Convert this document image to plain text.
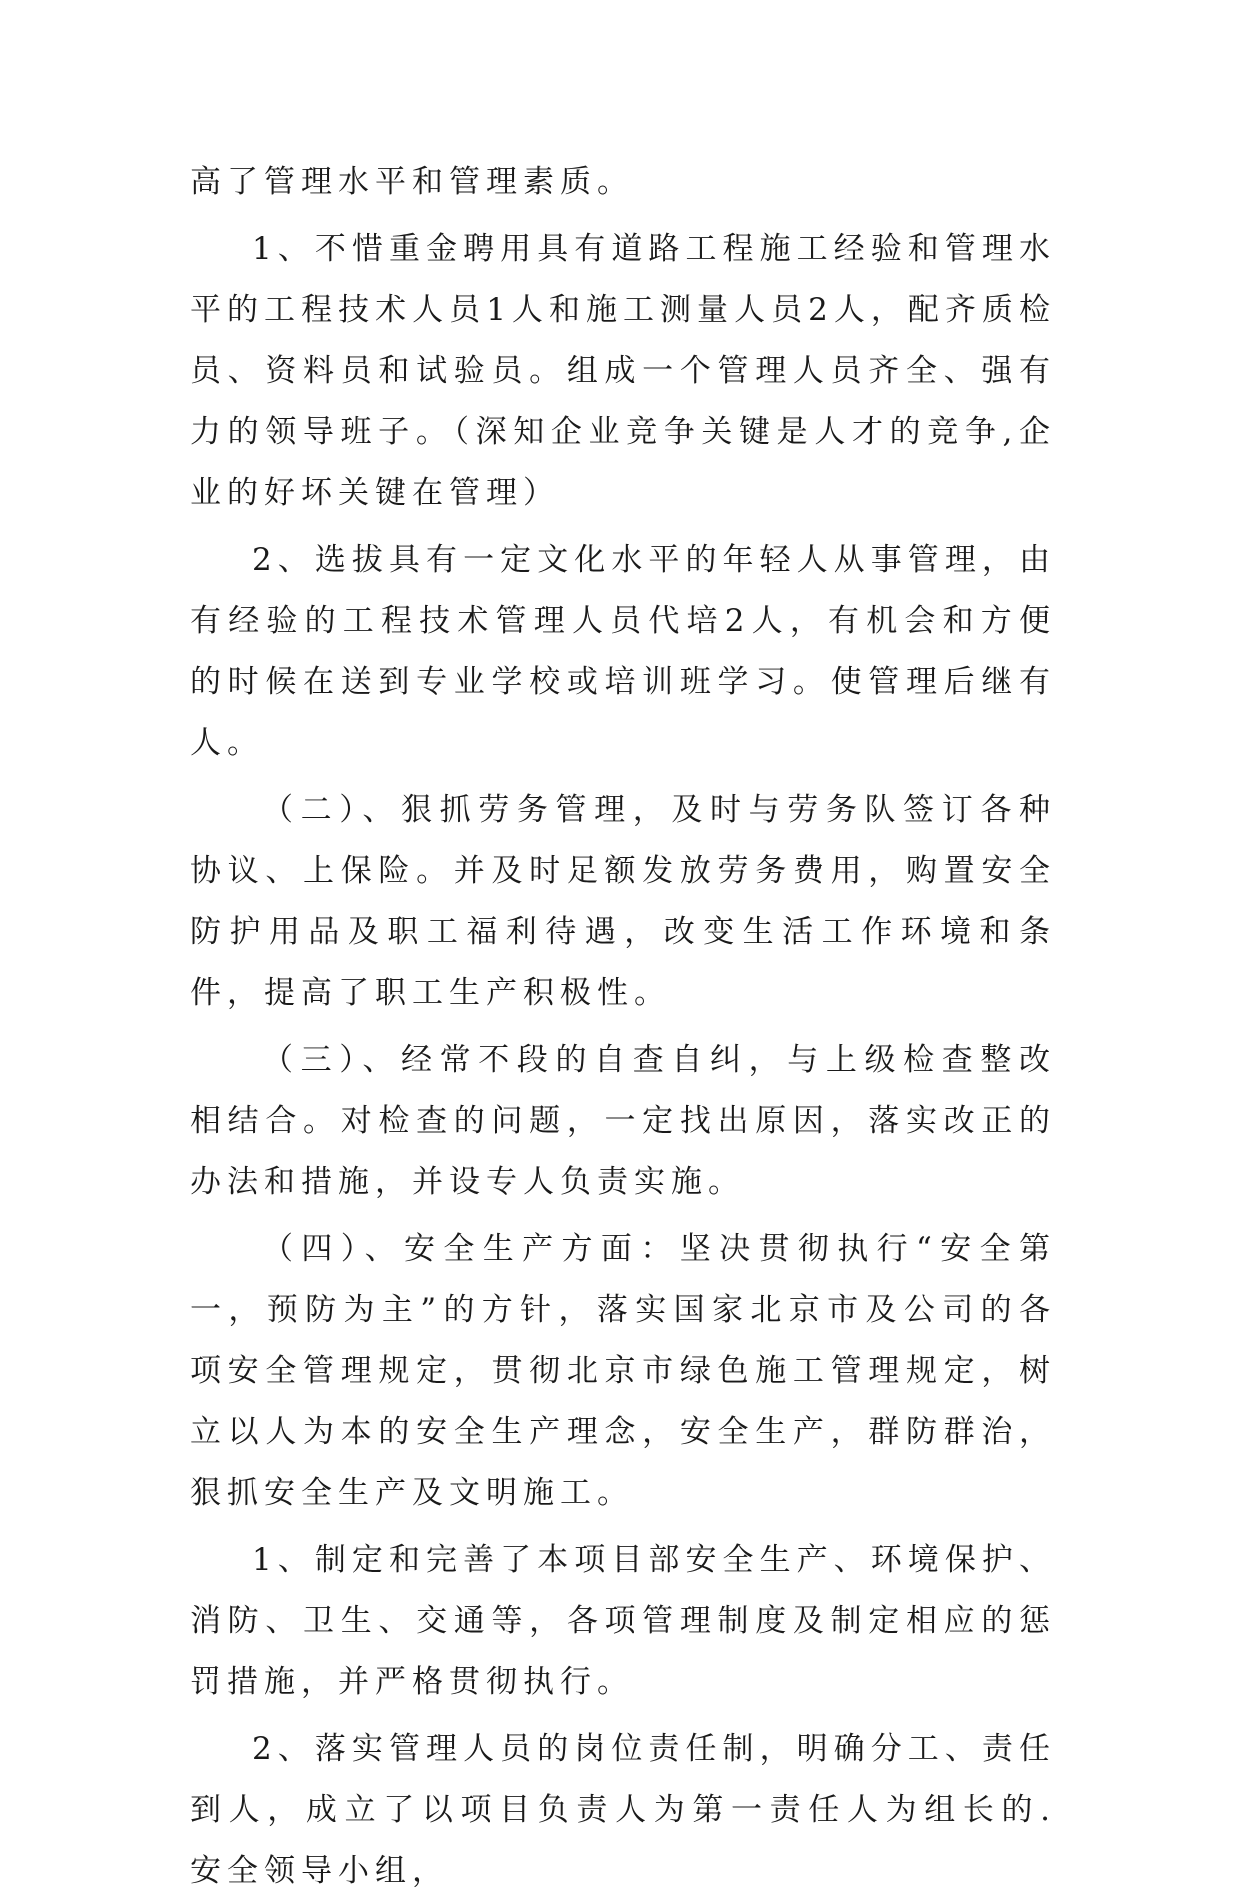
高了管理水平和管理素质。

1、不惜重金聘用具有道路工程施工经验和管理水平的工程技术人员1人和施工测量人员2人，配齐质检员、资料员和试验员。组成一个管理人员齐全、强有力的领导班子。（深知企业竞争关键是人才的竞争,企业的好坏关键在管理）

2、选拔具有一定文化水平的年轻人从事管理，由有经验的工程技术管理人员代培2人，有机会和方便的时候在送到专业学校或培训班学习。使管理后继有人。

（二）、狠抓劳务管理，及时与劳务队签订各种协议、上保险。并及时足额发放劳务费用，购置安全防护用品及职工福利待遇，改变生活工作环境和条件，提高了职工生产积极性。

（三）、经常不段的自查自纠，与上级检查整改相结合。对检查的问题，一定找出原因，落实改正的办法和措施，并设专人负责实施。

（四）、安全生产方面：坚决贯彻执行“安全第一，预防为主”的方针，落实国家北京市及公司的各项安全管理规定，贯彻北京市绿色施工管理规定，树立以人为本的安全生产理念，安全生产，群防群治，狠抓安全生产及文明施工。

1、制定和完善了本项目部安全生产、环境保护、消防、卫生、交通等，各项管理制度及制定相应的惩罚措施，并严格贯彻执行。

2、落实管理人员的岗位责任制，明确分工、责任到人，成立了以项目负责人为第一责任人为组长的.安全领导小组，
